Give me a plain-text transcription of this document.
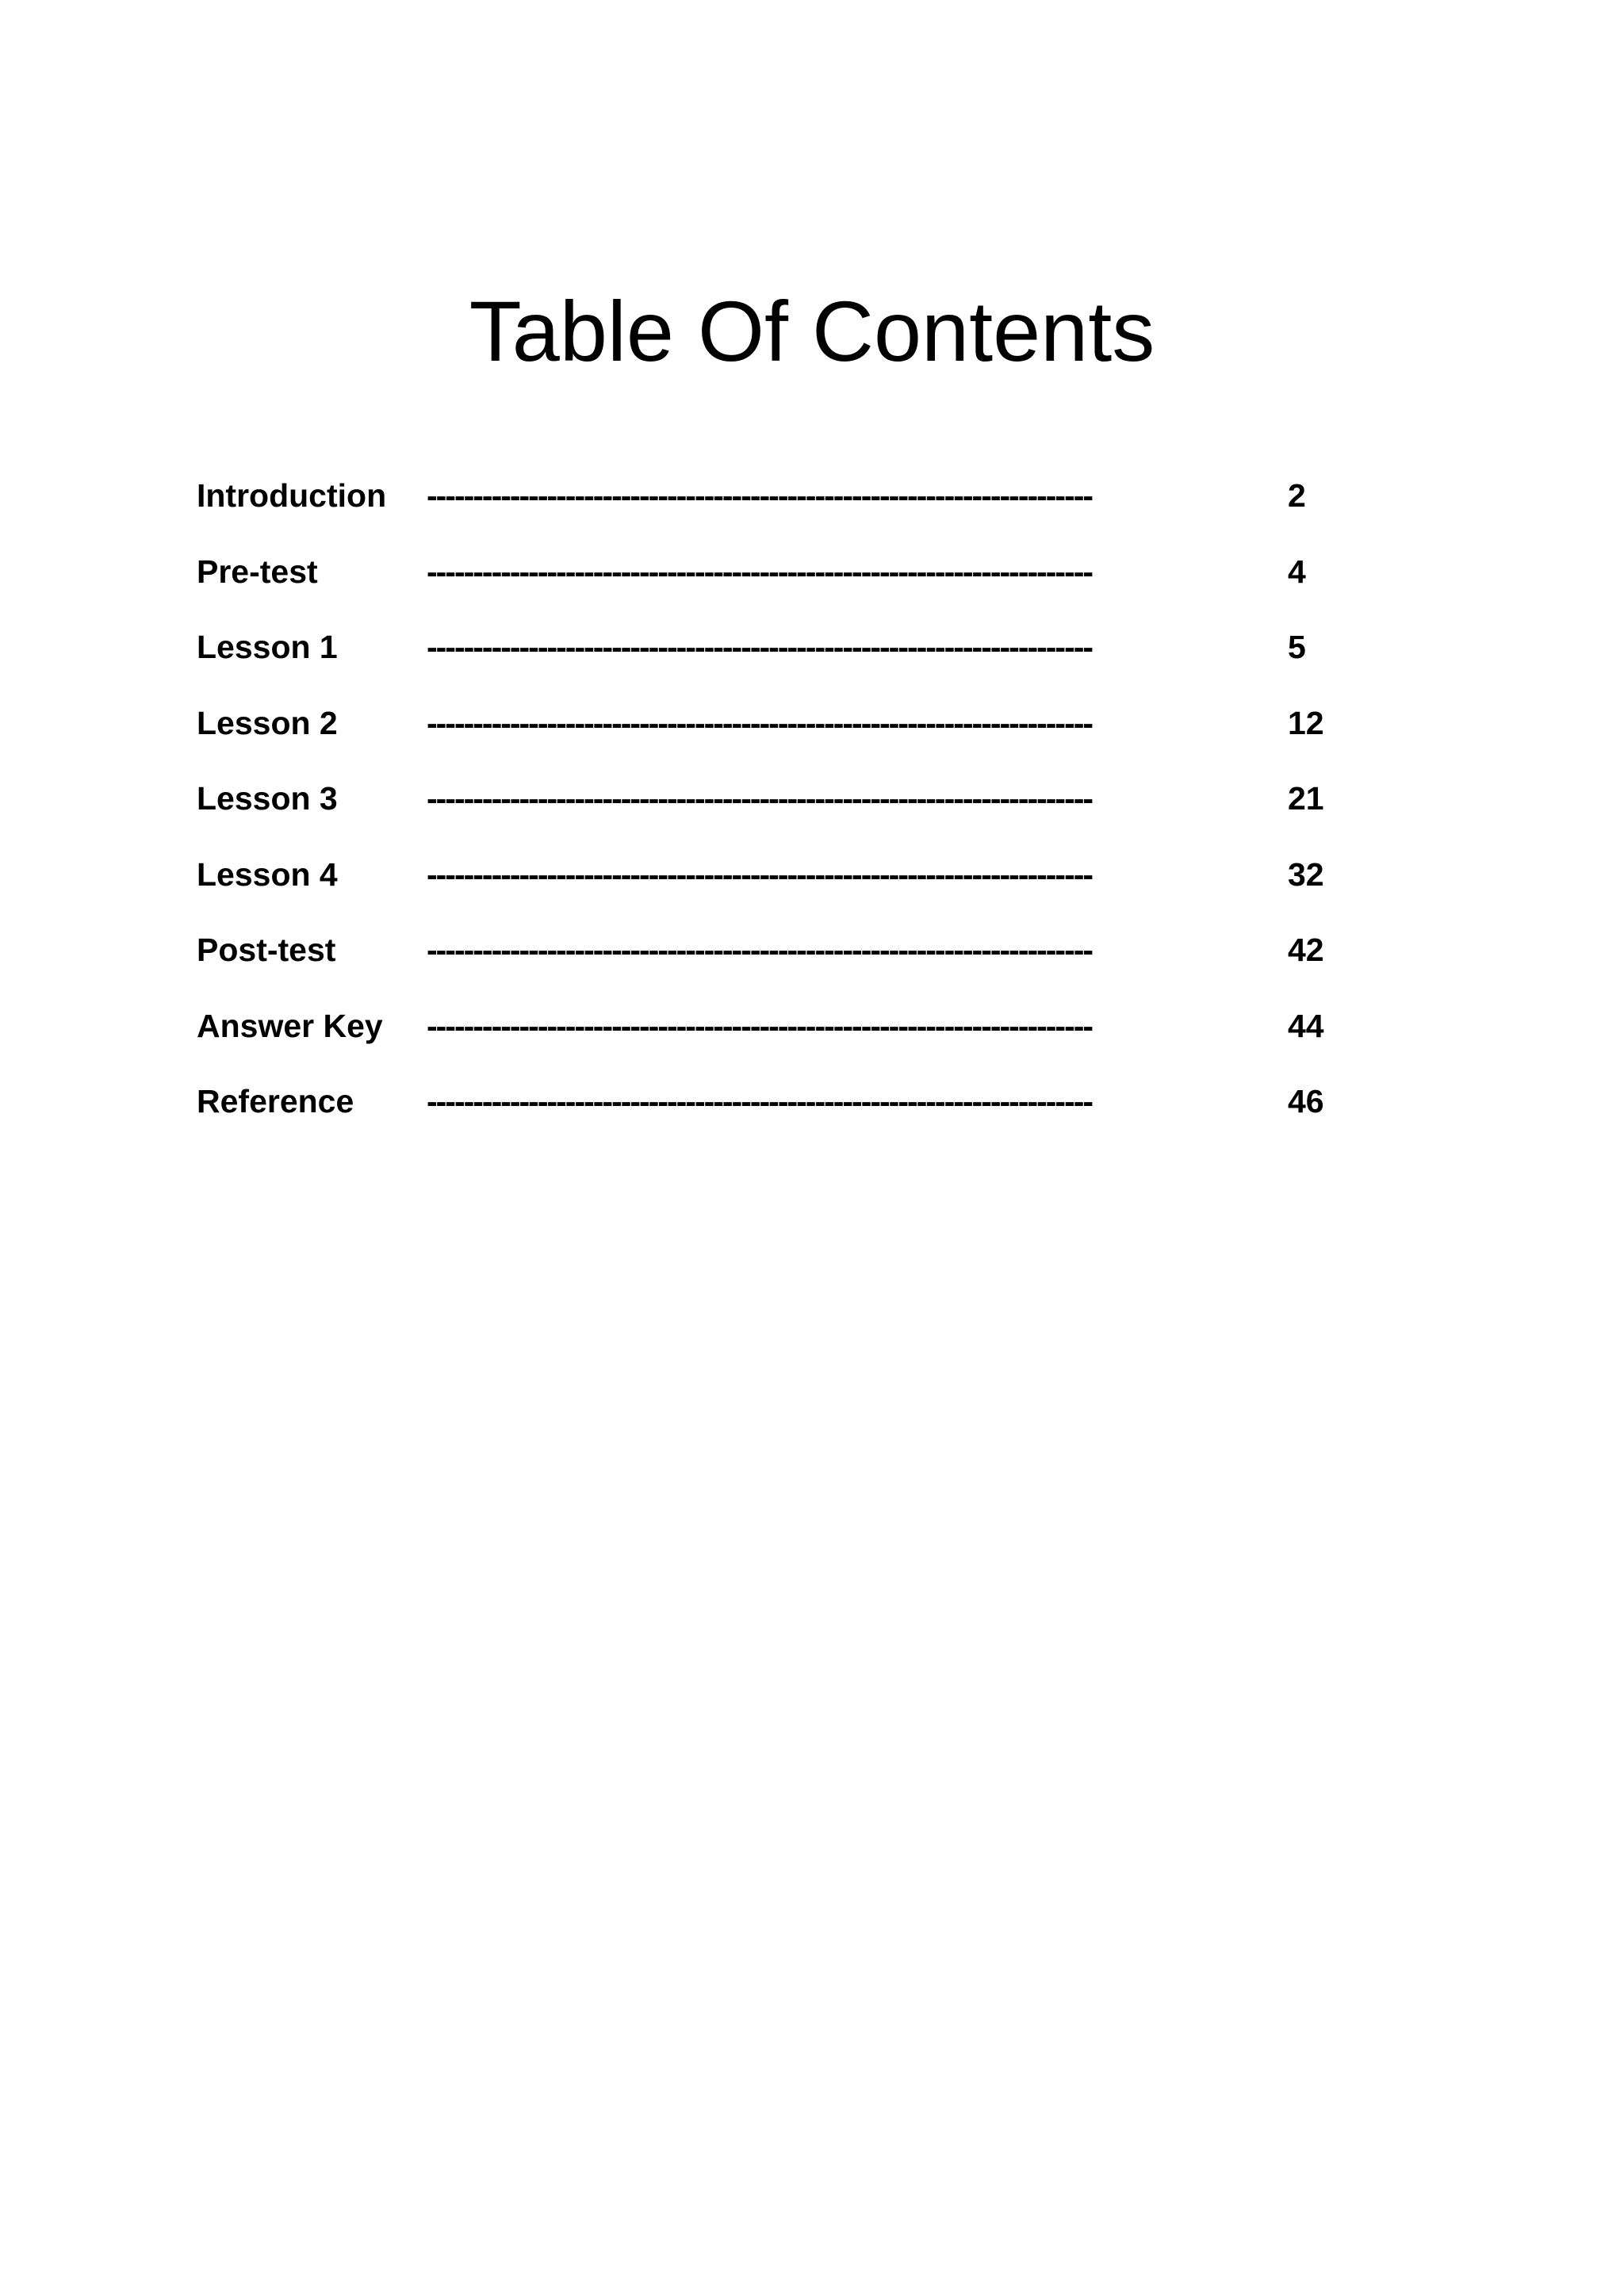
Table Of Contents
Introduction ------------------------------------------------------------------------	2
Pre-test	------------------------------------------------------------------------	4
Lesson 1	------------------------------------------------------------------------	5
Lesson 2	------------------------------------------------------------------------	12
Lesson 3	------------------------------------------------------------------------	21
Lesson 4	------------------------------------------------------------------------	32
Post-test	------------------------------------------------------------------------	42
Answer Key ------------------------------------------------------------------------	44
Reference ------------------------------------------------------------------------	46
